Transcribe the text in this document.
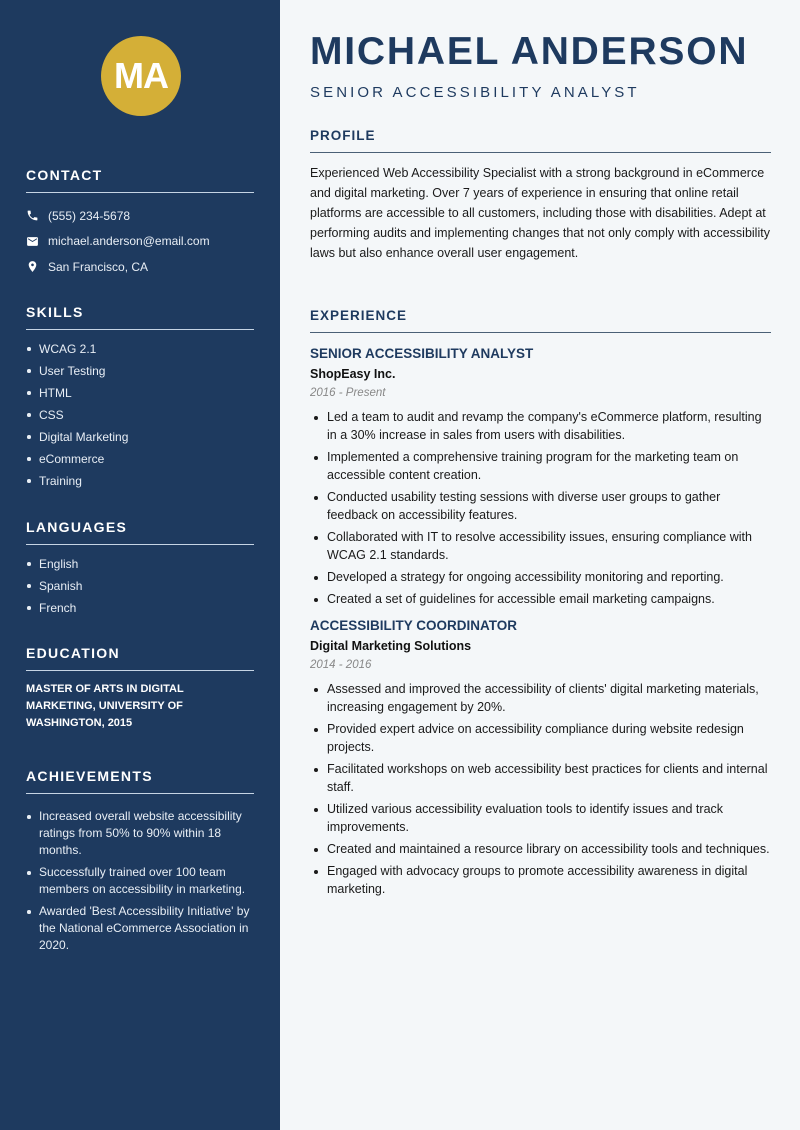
MA
CONTACT
(555) 234-5678
michael.anderson@email.com
San Francisco, CA
SKILLS
WCAG 2.1
User Testing
HTML
CSS
Digital Marketing
eCommerce
Training
LANGUAGES
English
Spanish
French
EDUCATION

MASTER OF ARTS IN DIGITAL MARKETING, UNIVERSITY OF WASHINGTON, 2015

ACHIEVEMENTS
Increased overall website accessibility ratings from 50% to 90% within 18 months.
Successfully trained over 100 team members on accessibility in marketing.
Awarded 'Best Accessibility Initiative' by the National eCommerce Association in 2020.
MICHAEL ANDERSON
SENIOR ACCESSIBILITY ANALYST
PROFILE

Experienced Web Accessibility Specialist with a strong background in eCommerce and digital marketing. Over 7 years of experience in ensuring that online retail platforms are accessible to all customers, including those with disabilities. Adept at performing audits and implementing changes that not only comply with accessibility laws but also enhance overall user engagement.

EXPERIENCE
SENIOR ACCESSIBILITY ANALYST
ShopEasy Inc.
2016 - Present
Led a team to audit and revamp the company's eCommerce platform, resulting in a 30% increase in sales from users with disabilities.
Implemented a comprehensive training program for the marketing team on accessible content creation.
Conducted usability testing sessions with diverse user groups to gather feedback on accessibility features.
Collaborated with IT to resolve accessibility issues, ensuring compliance with WCAG 2.1 standards.
Developed a strategy for ongoing accessibility monitoring and reporting.
Created a set of guidelines for accessible email marketing campaigns.
ACCESSIBILITY COORDINATOR
Digital Marketing Solutions
2014 - 2016
Assessed and improved the accessibility of clients' digital marketing materials, increasing engagement by 20%.
Provided expert advice on accessibility compliance during website redesign projects.
Facilitated workshops on web accessibility best practices for clients and internal staff.
Utilized various accessibility evaluation tools to identify issues and track improvements.
Created and maintained a resource library on accessibility tools and techniques.
Engaged with advocacy groups to promote accessibility awareness in digital marketing.
